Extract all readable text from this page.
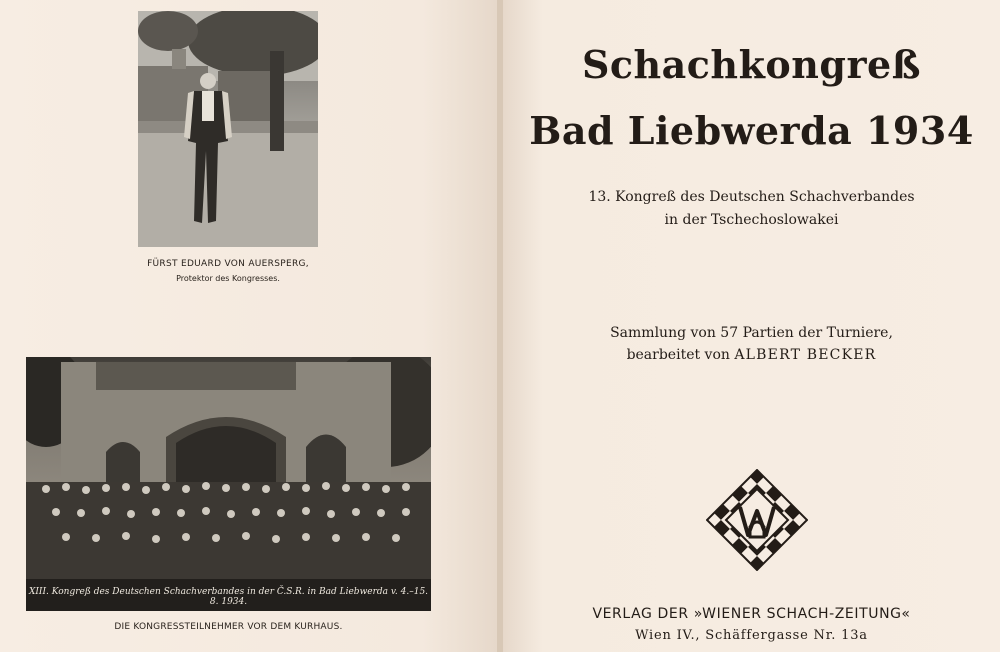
FÜRST EDUARD VON AUERSPERG,
Protektor des Kongresses.
XIII. Kongreß des Deutschen Schachverbandes in der Č.S.R. in Bad Liebwerda v. 4.–15. 8. 1934.
DIE KONGRESSTEILNEHMER VOR DEM KURHAUS.
Schachkongreß
Bad Liebwerda 1934
13. Kongreß des Deutschen Schachverbandes
in der Tschechoslowakei
Sammlung von 57 Partien der Turniere,
bearbeitet von ALBERT BECKER
VERLAG DER »WIENER SCHACH-ZEITUNG«
Wien IV., Schäffergasse Nr. 13a
